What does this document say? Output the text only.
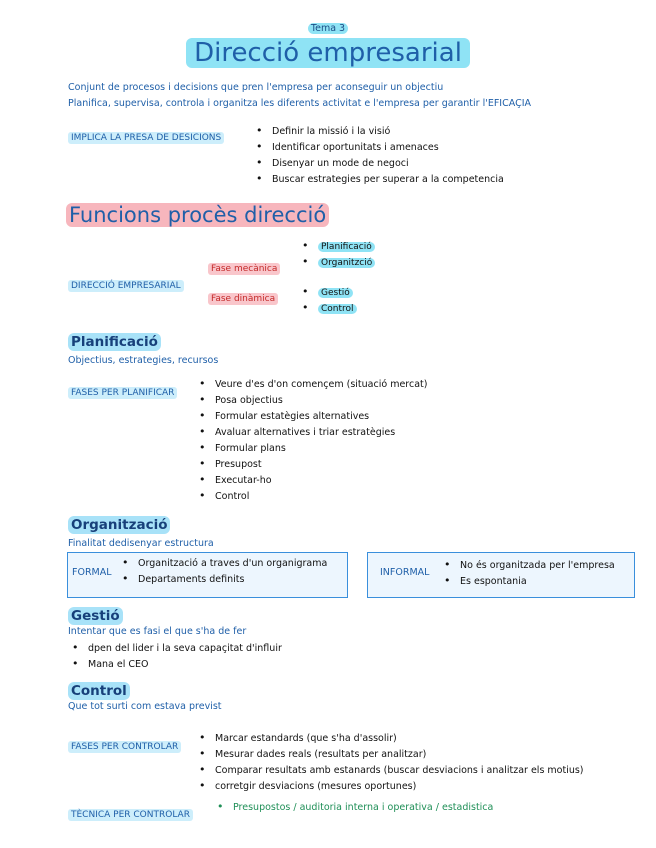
Tema 3
Direcció empresarial
Conjunt de procesos i decisions que pren l'empresa per aconseguir un objectiu
Planifica, supervisa, controla i organitza les diferents activitat e l'empresa per garantir l'EFICAÇIA
IMPLICA LA PRESA DE DESICIONS
• Definir la missió i la visió
• Identificar oportunitats i amenaces
• Disenyar un mode de negoci
• Buscar estrategies per superar a la competencia
Funcions procès direcció
DIRECCIÓ EMPRESARIAL
Fase mecànica
Fase dinàmica
• Planificació
• Organitzció
• Gestió
• Control
Planificació
Objectius, estrategies, recursos
FASES PER PLANIFICAR
• Veure d'es d'on començem (situació mercat)
• Posa objectius
• Formular estatègies alternatives
• Avaluar alternatives i triar estratègies
• Formular plans
• Presupost
• Executar-ho
• Control
Organització
Finalitat dedisenyar estructura
FORMAL
• Organització a traves d'un organigrama
• Departaments definits
INFORMAL
• No és organitzada per l'empresa
• Es espontania
Gestió
Intentar que es fasi el que s'ha de fer
• dpen del lider i la seva capaçitat d'influir
• Mana el CEO
Control
Que tot surti com estava previst
FASES PER CONTROLAR
• Marcar estandards (que s'ha d'assolir)
• Mesurar dades reals (resultats per analitzar)
• Comparar resultats amb estanards (buscar desviacions i analitzar els motius)
• corretgir desviacions (mesures oportunes)
TÈCNICA PER CONTROLAR
• Presupostos / auditoria interna i operativa / estadistica
